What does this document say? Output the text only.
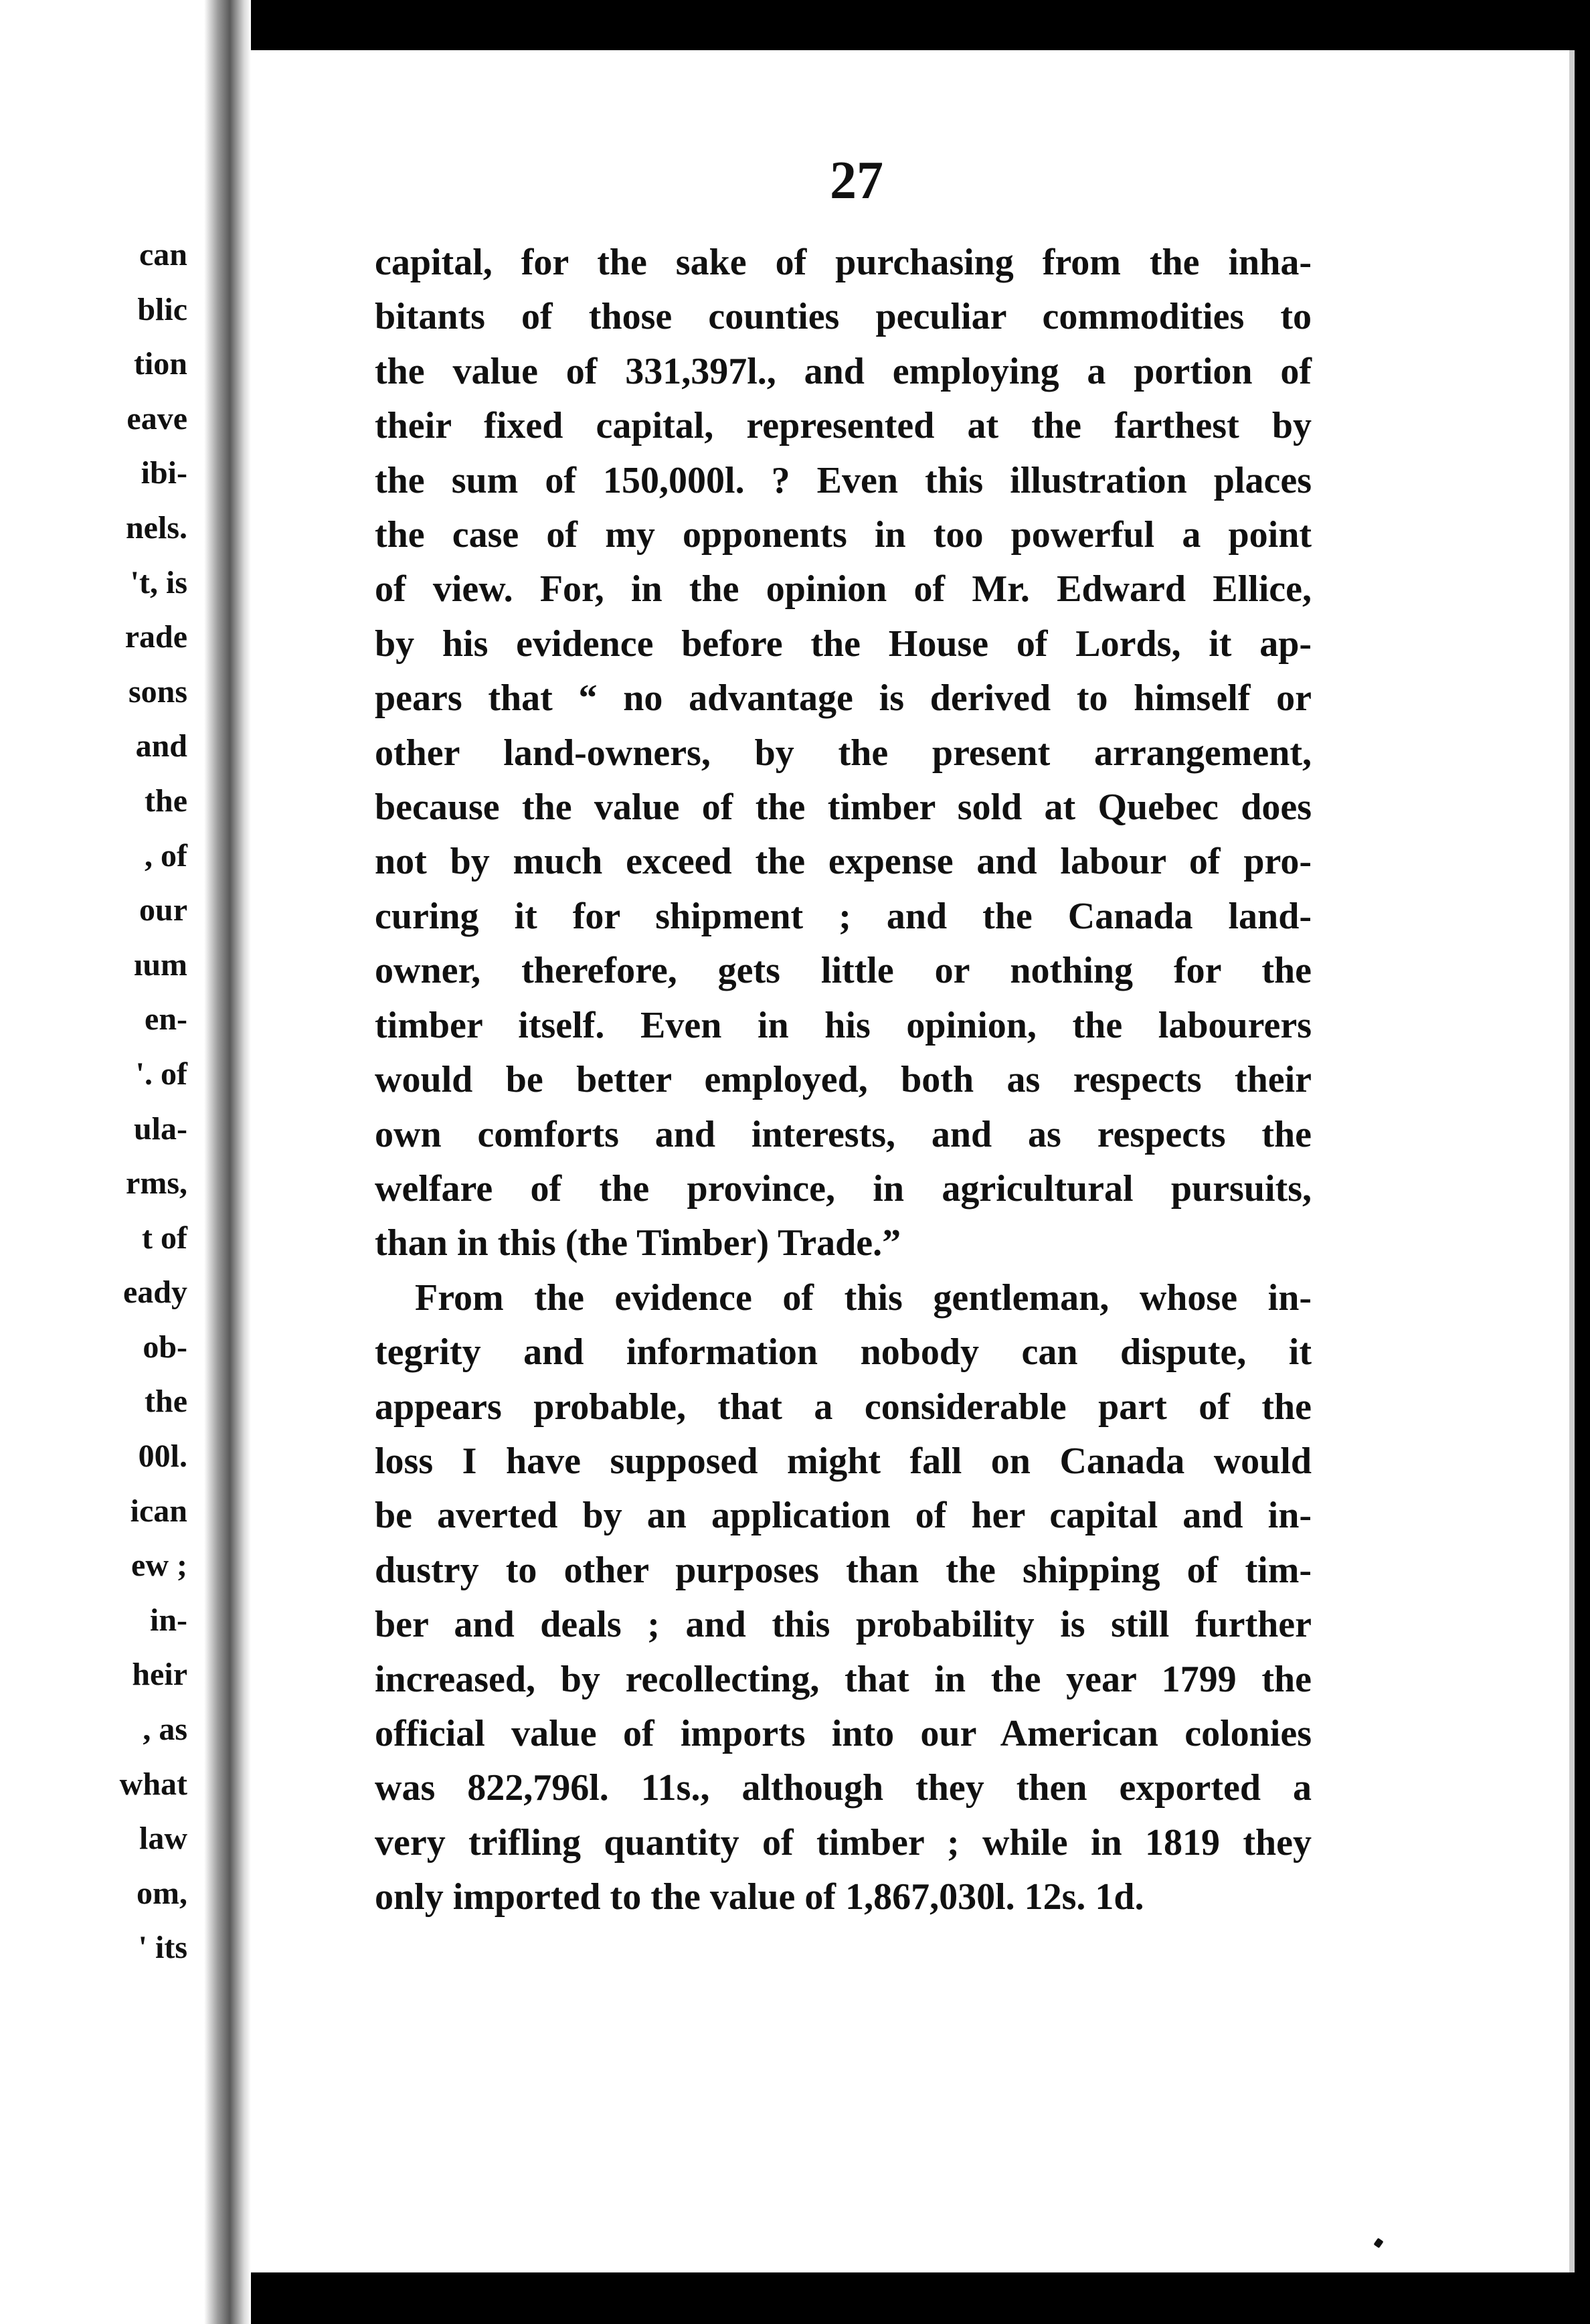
can
blic
tion
eave
ibi-
nels.
't, is
rade
sons
and
the
, of
our
ıum
en-
'. of
ula-
rms,
t of
eady
ob-
the
00l.
ican
ew ;
in-
heir
, as
what
law
om,
' its
27
capital, for the sake of purchasing from the inha-
bitants of those counties peculiar commodities to
the value of 331,397l., and employing a portion of
their fixed capital, represented at the farthest by
the sum of 150,000l. ? Even this illustration places
the case of my opponents in too powerful a point
of view. For, in the opinion of Mr. Edward Ellice,
by his evidence before the House of Lords, it ap-
pears that “ no advantage is derived to himself or
other land-owners, by the present arrangement,
because the value of the timber sold at Quebec does
not by much exceed the expense and labour of pro-
curing it for shipment ; and the Canada land-
owner, therefore, gets little or nothing for the
timber itself. Even in his opinion, the labourers
would be better employed, both as respects their
own comforts and interests, and as respects the
welfare of the province, in agricultural pursuits,
than in this (the Timber) Trade.”
From the evidence of this gentleman, whose in-
tegrity and information nobody can dispute, it
appears probable, that a considerable part of the
loss I have supposed might fall on Canada would
be averted by an application of her capital and in-
dustry to other purposes than the shipping of tim-
ber and deals ; and this probability is still further
increased, by recollecting, that in the year 1799 the
official value of imports into our American colonies
was 822,796l. 11s., although they then exported a
very trifling quantity of timber ; while in 1819 they
only imported to the value of 1,867,030l. 12s. 1d.
